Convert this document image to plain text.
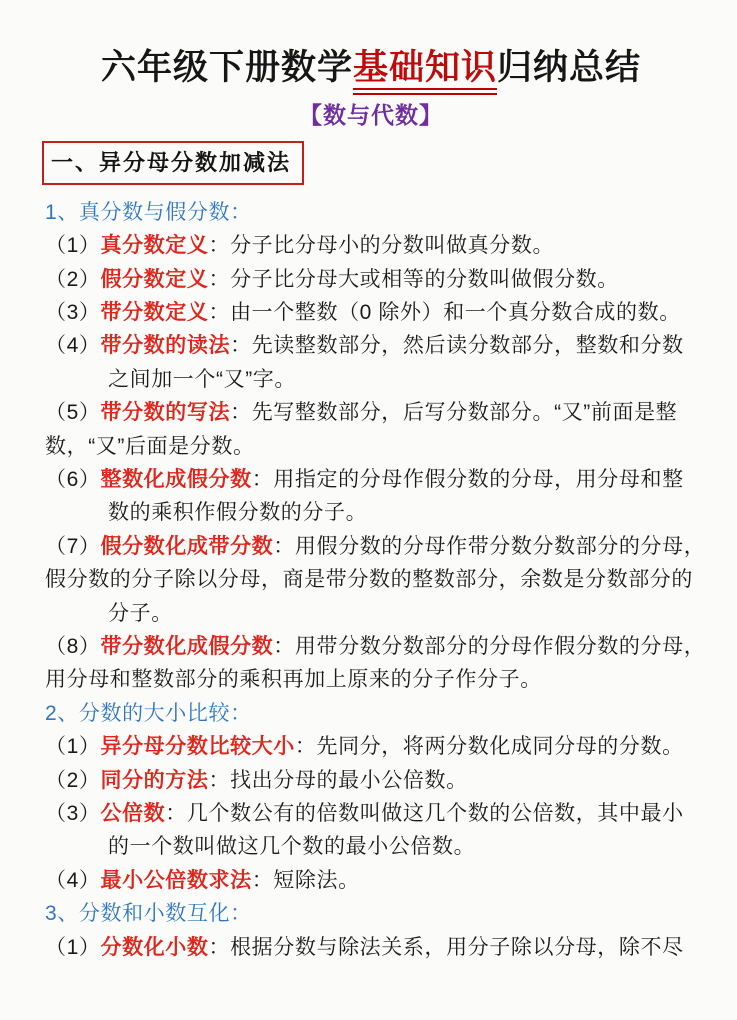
六年级下册数学基础知识归纳总结
【数与代数】
一、异分母分数加减法
1、真分数与假分数：
（1）真分数定义：分子比分母小的分数叫做真分数。
（2）假分数定义：分子比分母大或相等的分数叫做假分数。
（3）带分数定义：由一个整数（0 除外）和一个真分数合成的数。
（4）带分数的读法：先读整数部分，然后读分数部分，整数和分数
之间加一个“又”字。
（5）带分数的写法：先写整数部分，后写分数部分。“又”前面是整
数，“又”后面是分数。
（6）整数化成假分数：用指定的分母作假分数的分母，用分母和整
数的乘积作假分数的分子。
（7）假分数化成带分数：用假分数的分母作带分数分数部分的分母，
假分数的分子除以分母，商是带分数的整数部分，余数是分数部分的
分子。
（8）带分数化成假分数：用带分数分数部分的分母作假分数的分母，
用分母和整数部分的乘积再加上原来的分子作分子。
2、分数的大小比较：
（1）异分母分数比较大小：先同分，将两分数化成同分母的分数。
（2）同分的方法：找出分母的最小公倍数。
（3）公倍数：几个数公有的倍数叫做这几个数的公倍数，其中最小
的一个数叫做这几个数的最小公倍数。
（4）最小公倍数求法：短除法。
3、分数和小数互化：
（1）分数化小数：根据分数与除法关系，用分子除以分母，除不尽
